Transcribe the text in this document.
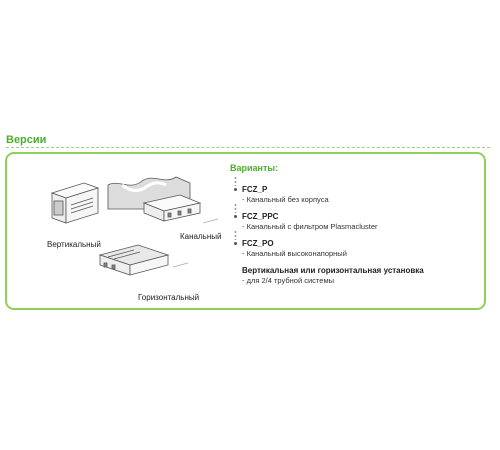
Версии
Вертикальный
Канальный
Горизонтальный
Варианты:
FCZ_P
- Канальный без корпуса
FCZ_PPC
- Канальный с фильтром Plasmacluster
FCZ_PO
- Канальный высоконапорный
Вертикальная или горизонтальная установка
- для 2/4 трубной системы
